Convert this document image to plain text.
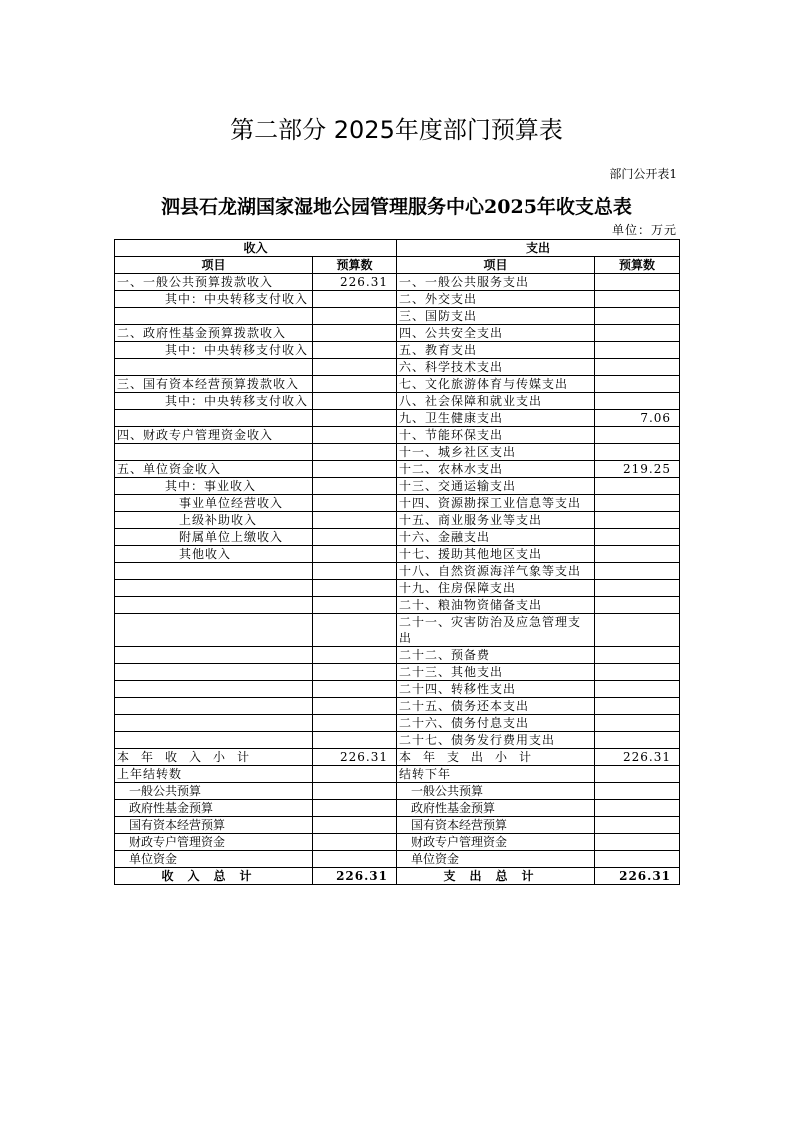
第二部分 2025年度部门预算表
部门公开表1
泗县石龙湖国家湿地公园管理服务中心2025年收支总表
单位：万元
收入		支出	
项目	预算数	项目	预算数
一、一般公共预算拨款收入	226.31	一、一般公共服务支出	
其中：中央转移支付收入		二、外交支出	
		三、国防支出	
二、政府性基金预算拨款收入		四、公共安全支出	
其中：中央转移支付收入		五、教育支出	
		六、科学技术支出	
三、国有资本经营预算拨款收入		七、文化旅游体育与传媒支出	
其中：中央转移支付收入		八、社会保障和就业支出	
		九、卫生健康支出	7.06
四、财政专户管理资金收入		十、节能环保支出	
		十一、城乡社区支出	
五、单位资金收入		十二、农林水支出	219.25
其中：事业收入		十三、交通运输支出	
事业单位经营收入		十四、资源勘探工业信息等支出	
上级补助收入		十五、商业服务业等支出	
附属单位上缴收入		十六、金融支出	
其他收入		十七、援助其他地区支出	
		十八、自然资源海洋气象等支出	
		十九、住房保障支出	
		二十、粮油物资储备支出	
		二十一、灾害防治及应急管理支出	
		二十二、预备费	
		二十三、其他支出	
		二十四、转移性支出	
		二十五、债务还本支出	
		二十六、债务付息支出	
		二十七、债务发行费用支出	
本年收入小计	226.31	本年支出小计	226.31
上年结转数		结转下年	
一般公共预算		一般公共预算	
政府性基金预算		政府性基金预算	
国有资本经营预算		国有资本经营预算	
财政专户管理资金		财政专户管理资金	
单位资金		单位资金	
收入总计	226.31	支出总计	226.31
